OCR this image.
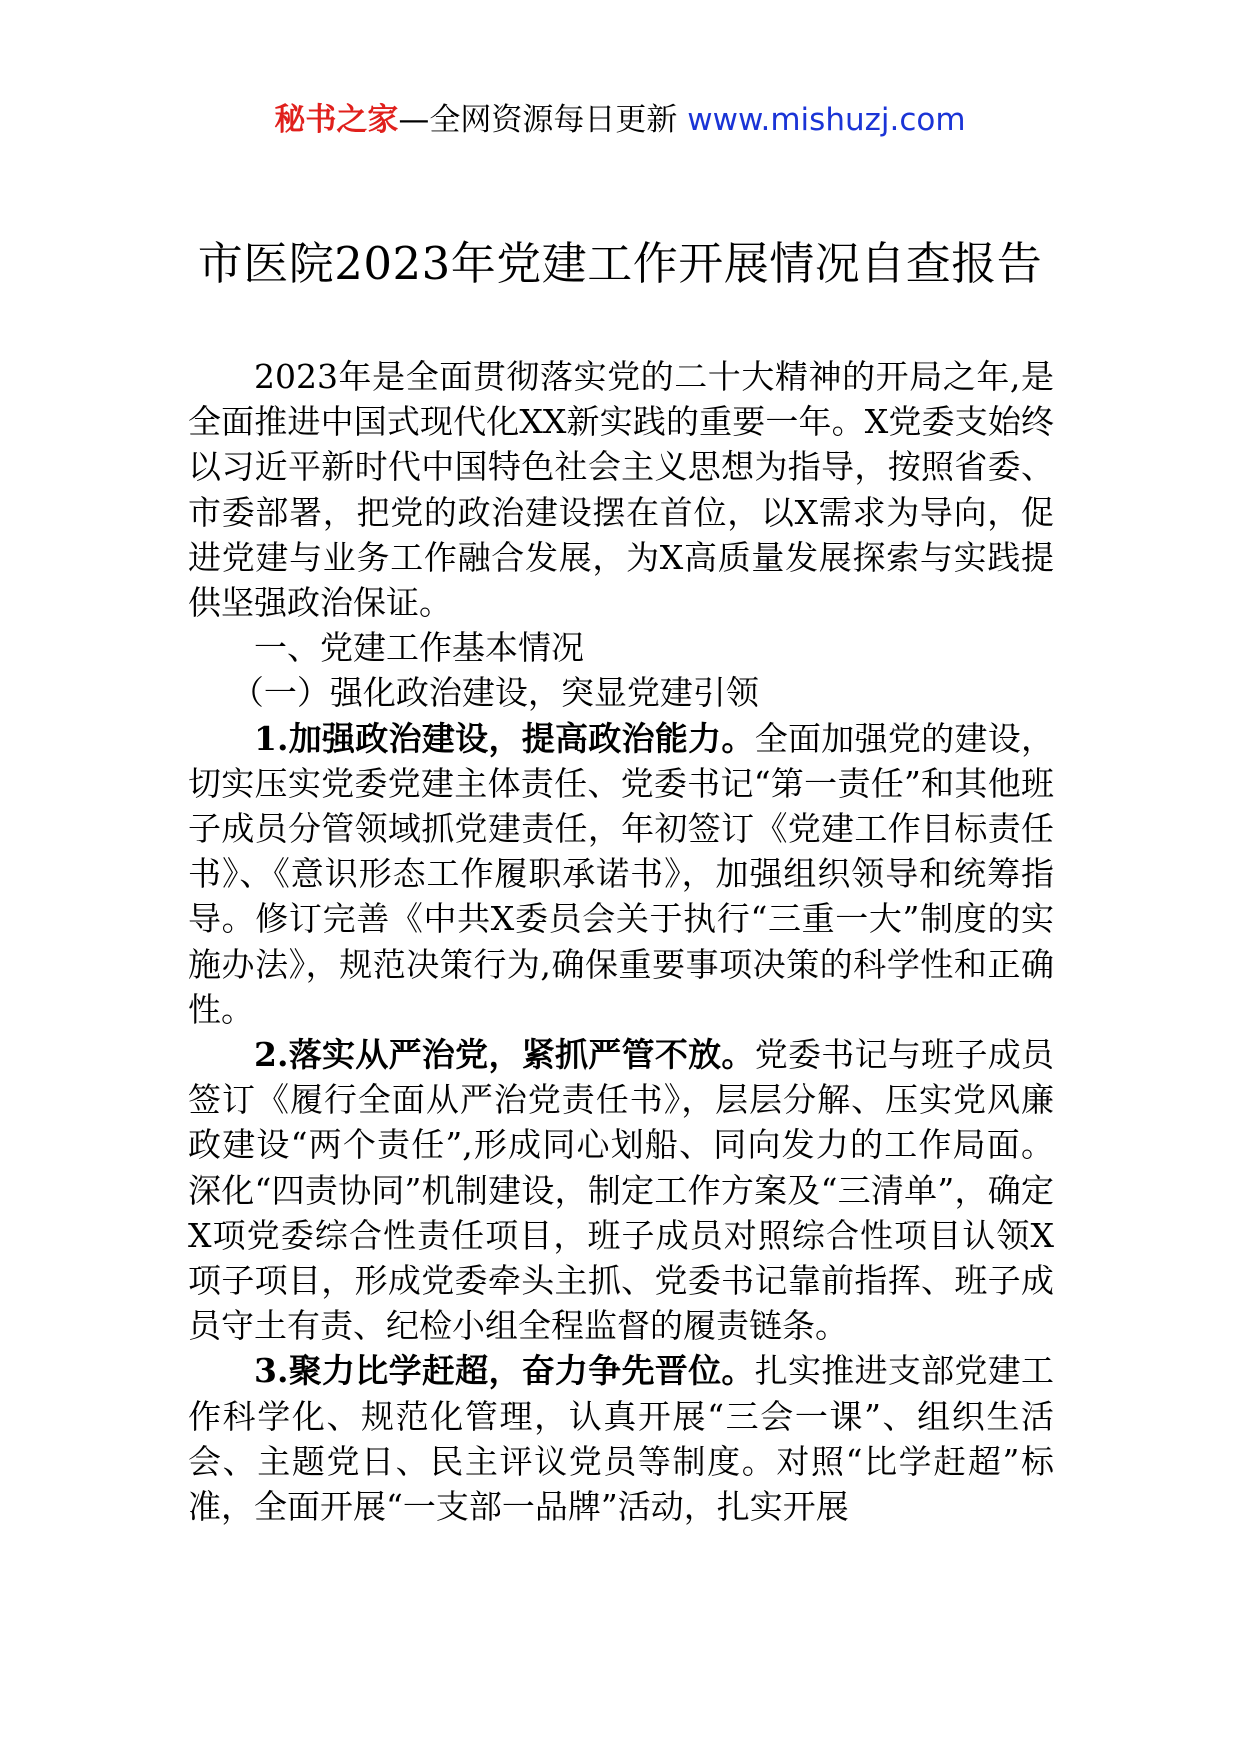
秘书之家—全网资源每日更新 www.mishuzj.com
市医院2023年党建工作开展情况自查报告

2023年是全面贯彻落实党的二十大精神的开局之年,是全面推进中国式现代化XX新实践的重要一年。X党委支始终以习近平新时代中国特色社会主义思想为指导，按照省委、市委部署，把党的政治建设摆在首位，以X需求为导向，促进党建与业务工作融合发展，为X高质量发展探索与实践提供坚强政治保证。

一、党建工作基本情况

（一）强化政治建设，突显党建引领

1.加强政治建设，提高政治能力。全面加强党的建设，切实压实党委党建主体责任、党委书记“第一责任”和其他班子成员分管领域抓党建责任，年初签订《党建工作目标责任书》、《意识形态工作履职承诺书》，加强组织领导和统筹指导。修订完善《中共X委员会关于执行“三重一大”制度的实施办法》，规范决策行为,确保重要事项决策的科学性和正确性。

2.落实从严治党，紧抓严管不放。党委书记与班子成员签订《履行全面从严治党责任书》，层层分解、压实党风廉政建设“两个责任”,形成同心划船、同向发力的工作局面。深化“四责协同”机制建设，制定工作方案及“三清单”，确定X项党委综合性责任项目，班子成员对照综合性项目认领X项子项目，形成党委牵头主抓、党委书记靠前指挥、班子成员守土有责、纪检小组全程监督的履责链条。

3.聚力比学赶超，奋力争先晋位。扎实推进支部党建工作科学化、规范化管理，认真开展“三会一课”、组织生活会、主题党日、民主评议党员等制度。对照“比学赶超”标准，全面开展“一支部一品牌”活动，扎实开展
